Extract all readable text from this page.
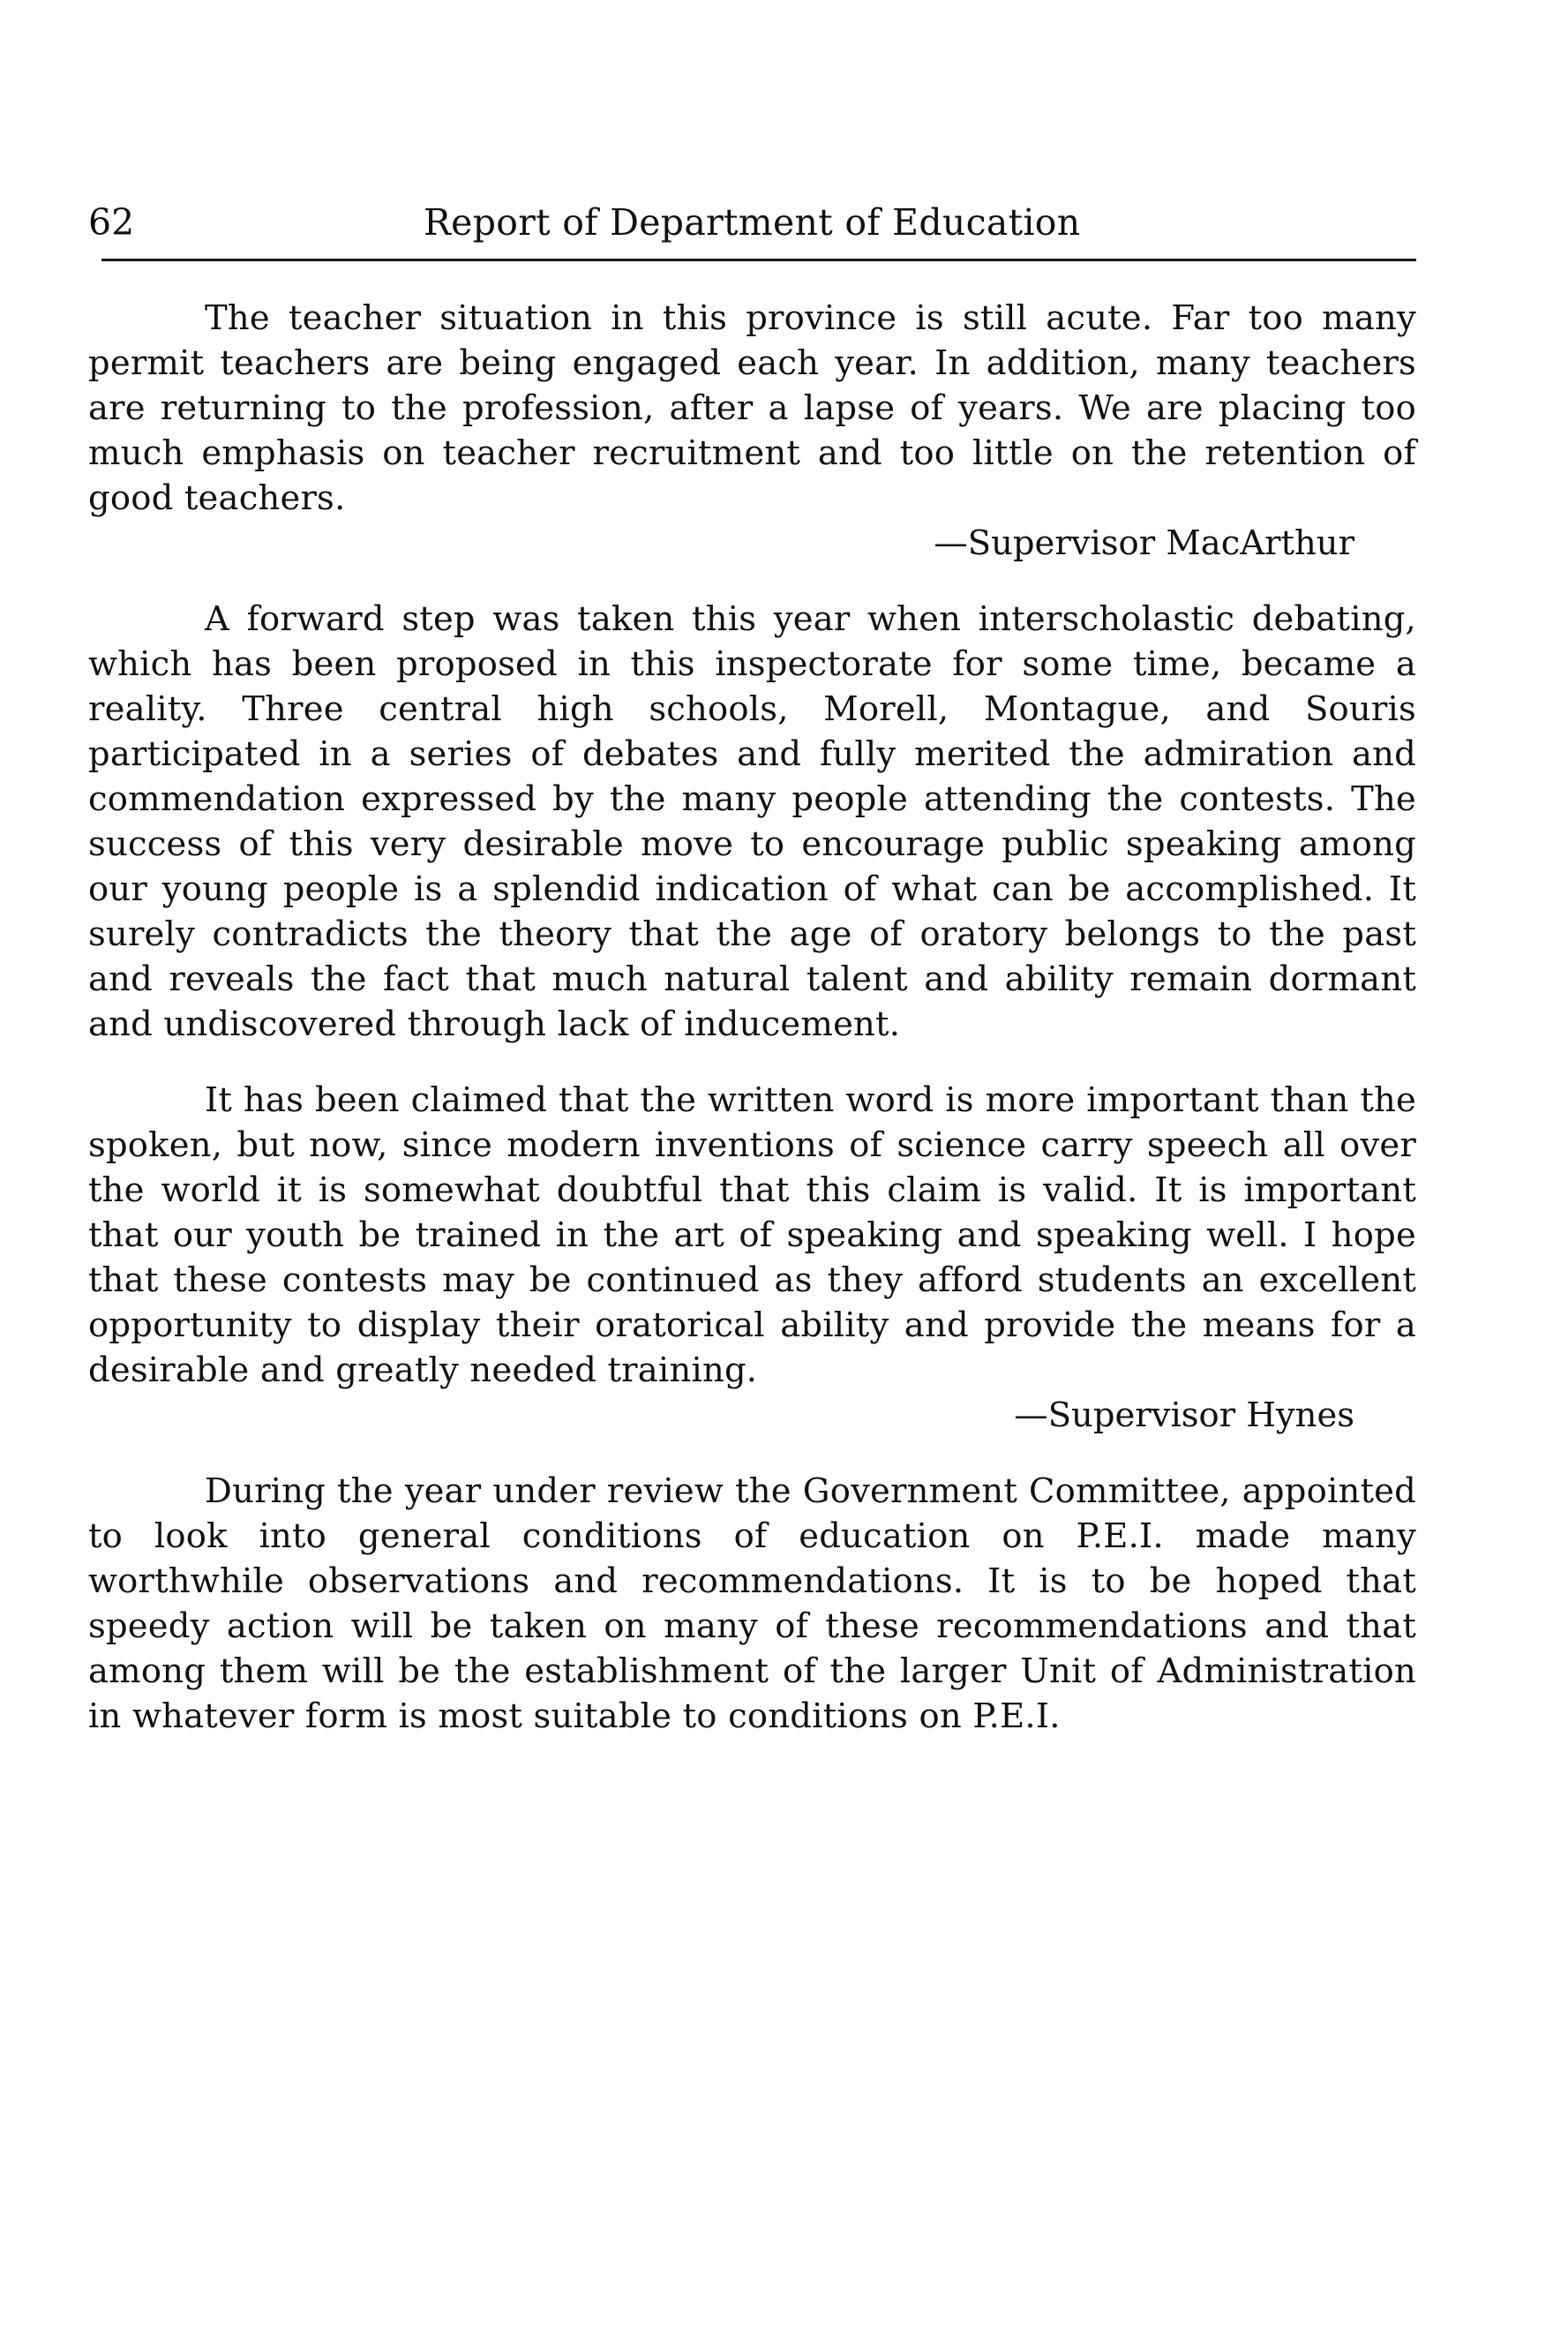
62	Report of Department of Education

The teacher situation in this province is still acute. Far too many permit teachers are being engaged each year. In addition, many teachers are returning to the profession, after a lapse of years. We are placing too much emphasis on teacher recruitment and too little on the retention of good teachers.

—Supervisor MacArthur

A forward step was taken this year when interscholastic debating, which has been proposed in this inspectorate for some time, became a reality. Three central high schools, Morell, Montague, and Souris participated in a series of debates and fully merited the admiration and commendation expressed by the many people attending the contests. The success of this very desirable move to encourage public speaking among our young people is a splendid indication of what can be accomplished. It surely contradicts the theory that the age of oratory belongs to the past and reveals the fact that much natural talent and ability remain dormant and undiscovered through lack of inducement.

It has been claimed that the written word is more important than the spoken, but now, since modern inventions of science carry speech all over the world it is somewhat doubtful that this claim is valid. It is important that our youth be trained in the art of speaking and speaking well. I hope that these contests may be continued as they afford students an excellent opportunity to display their oratorical ability and provide the means for a desirable and greatly needed training.

—Supervisor Hynes

During the year under review the Government Committee, appointed to look into general conditions of education on P.E.I. made many worthwhile observations and recommendations. It is to be hoped that speedy action will be taken on many of these recommendations and that among them will be the establishment of the larger Unit of Administration in whatever form is most suitable to conditions on P.E.I.
